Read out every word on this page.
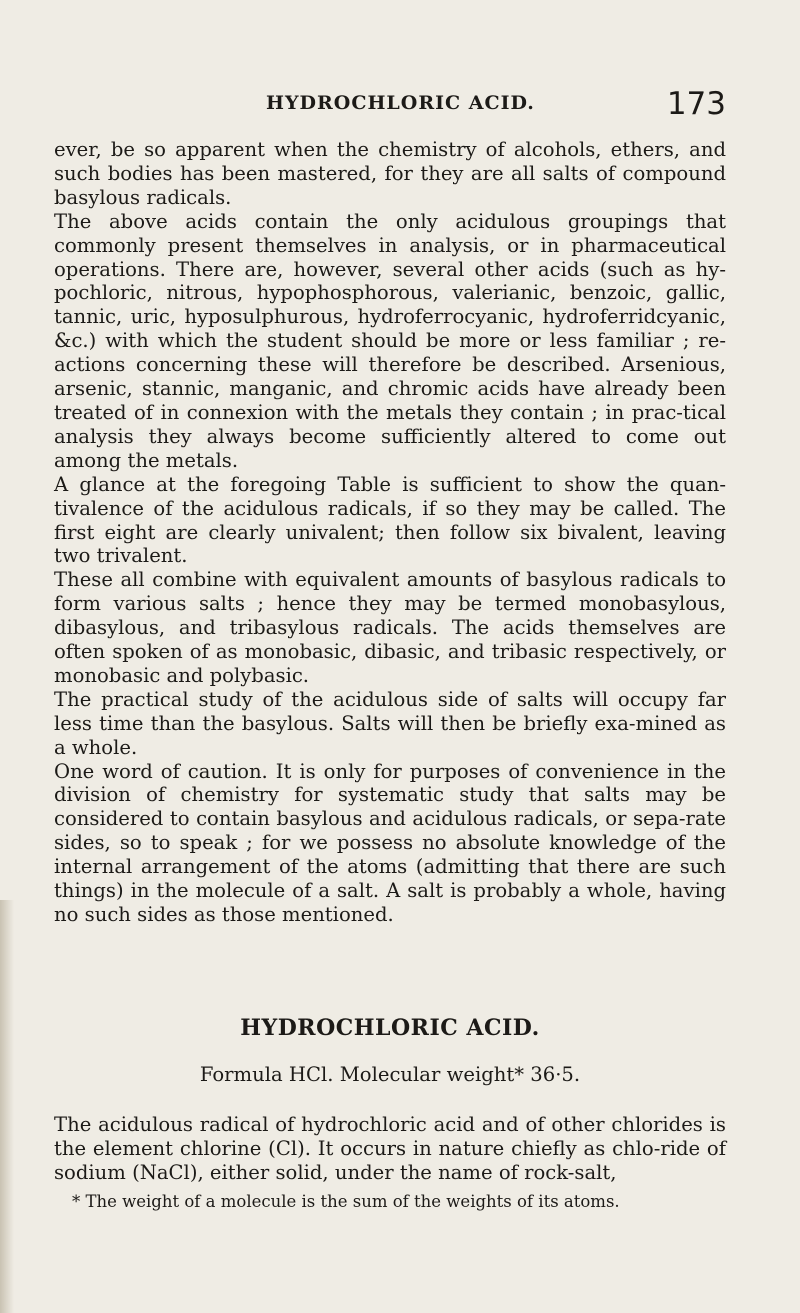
HYDROCHLORIC ACID.	173

ever, be so apparent when the chemistry of alcohols, ethers, and such bodies has been mastered, for they are all salts of compound basylous radicals.

The above acids contain the only acidulous groupings that commonly present themselves in analysis, or in pharmaceutical operations. There are, however, several other acids (such as hy-pochloric, nitrous, hypophosphorous, valerianic, benzoic, gallic, tannic, uric, hyposulphurous, hydroferrocyanic, hydroferridcyanic, &c.) with which the student should be more or less familiar ; re-actions concerning these will therefore be described. Arsenious, arsenic, stannic, manganic, and chromic acids have already been treated of in connexion with the metals they contain ; in prac-tical analysis they always become sufficiently altered to come out among the metals.

A glance at the foregoing Table is sufficient to show the quan-tivalence of the acidulous radicals, if so they may be called. The first eight are clearly univalent; then follow six bivalent, leaving two trivalent.

These all combine with equivalent amounts of basylous radicals to form various salts ; hence they may be termed monobasylous, dibasylous, and tribasylous radicals. The acids themselves are often spoken of as monobasic, dibasic, and tribasic respectively, or monobasic and polybasic.

The practical study of the acidulous side of salts will occupy far less time than the basylous. Salts will then be briefly exa-mined as a whole.

One word of caution. It is only for purposes of convenience in the division of chemistry for systematic study that salts may be considered to contain basylous and acidulous radicals, or sepa-rate sides, so to speak ; for we possess no absolute knowledge of the internal arrangement of the atoms (admitting that there are such things) in the molecule of a salt. A salt is probably a whole, having no such sides as those mentioned.

HYDROCHLORIC ACID.
Formula HCl. Molecular weight* 36·5.

The acidulous radical of hydrochloric acid and of other chlorides is the element chlorine (Cl). It occurs in nature chiefly as chlo-ride of sodium (NaCl), either solid, under the name of rock-salt,

* The weight of a molecule is the sum of the weights of its atoms.
